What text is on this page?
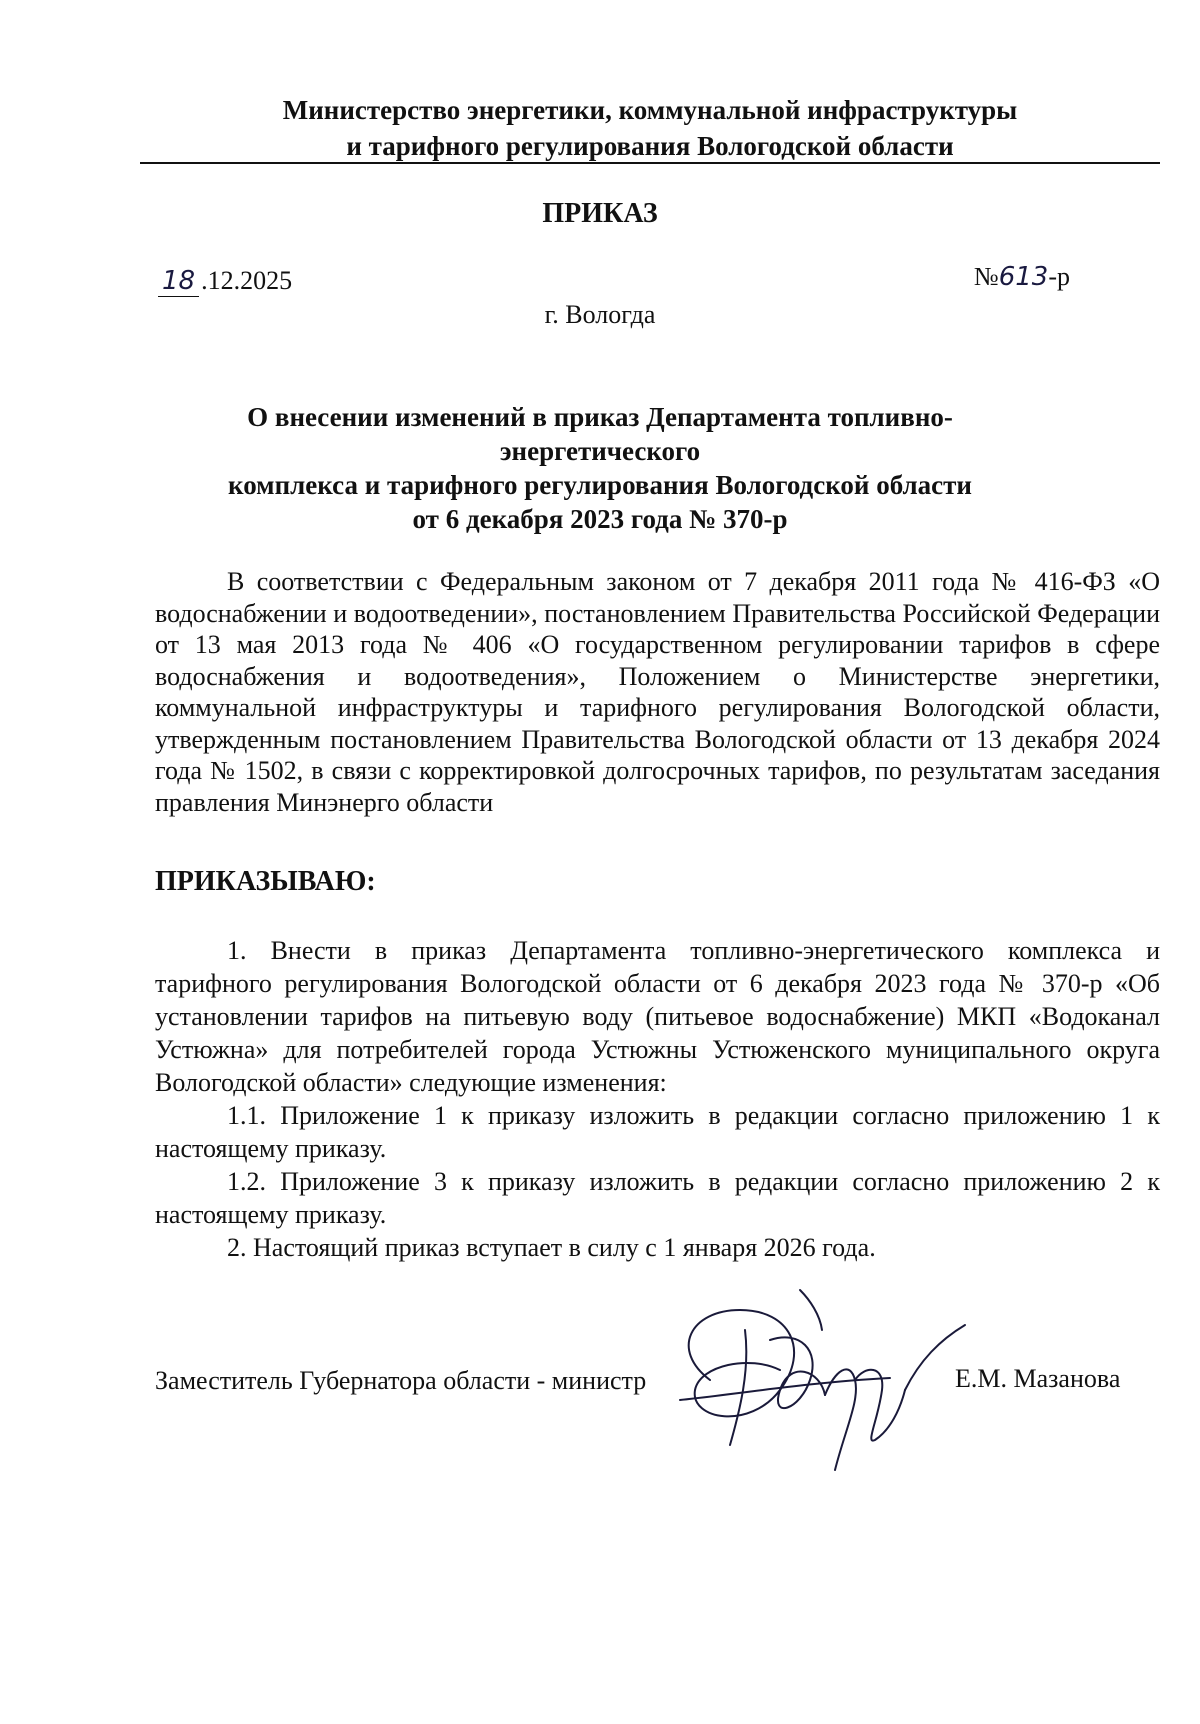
Министерство энергетики, коммунальной инфраструктуры
и тарифного регулирования Вологодской области
ПРИКАЗ
18 .12.2025	№613-р
г. Вологда
О внесении изменений в приказ Департамента топливно-энергетического
комплекса и тарифного регулирования Вологодской области
от 6 декабря 2023 года № 370-р

В соответствии с Федеральным законом от 7 декабря 2011 года № 416-ФЗ «О водоснабжении и водоотведении», постановлением Правительства Российской Федерации от 13 мая 2013 года № 406 «О государственном регулировании тарифов в сфере водоснабжения и водоотведения», Положением о Министерстве энергетики, коммунальной инфраструктуры и тарифного регулирования Вологодской области, утвержденным постановлением Правительства Вологодской области от 13 декабря 2024 года № 1502, в связи с корректировкой долгосрочных тарифов, по результатам заседания правления Минэнерго области

ПРИКАЗЫВАЮ:

1. Внести в приказ Департамента топливно-энергетического комплекса и тарифного регулирования Вологодской области от 6 декабря 2023 года № 370-р «Об установлении тарифов на питьевую воду (питьевое водоснабжение) МКП «Водоканал Устюжна» для потребителей города Устюжны Устюженского муниципального округа Вологодской области» следующие изменения:

1.1. Приложение 1 к приказу изложить в редакции согласно приложению 1 к настоящему приказу.

1.2. Приложение 3 к приказу изложить в редакции согласно приложению 2 к настоящему приказу.

2. Настоящий приказ вступает в силу с 1 января 2026 года.

Заместитель Губернатора области - министр	Е.М. Мазанова
